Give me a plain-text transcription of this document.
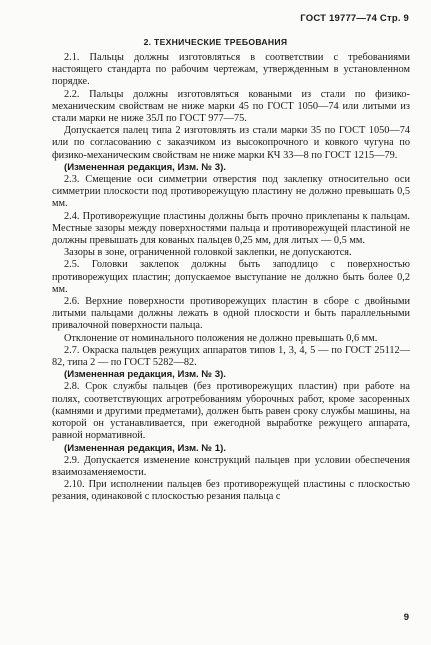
ГОСТ 19777—74 Стр. 9
2. ТЕХНИЧЕСКИЕ ТРЕБОВАНИЯ

2.1. Пальцы должны изготовляться в соответствии с требованиями настоящего стандарта по рабочим чертежам, утвержденным в установленном порядке.

2.2. Пальцы должны изготовляться коваными из стали по физико-механическим свойствам не ниже марки 45 по ГОСТ 1050—74 или литыми из стали марки не ниже 35Л по ГОСТ 977—75.

Допускается палец типа 2 изготовлять из стали марки 35 по ГОСТ 1050—74 или по согласованию с заказчиком из высокопрочного и ковкого чугуна по физико-механическим свойствам не ниже марки КЧ 33—8 по ГОСТ 1215—79.

(Измененная редакция, Изм. № 3).

2.3. Смещение оси симметрии отверстия под заклепку относительно оси симметрии плоскости под противорежущую пластину не должно превышать 0,5 мм.

2.4. Противорежущие пластины должны быть прочно приклепаны к пальцам. Местные зазоры между поверхностями пальца и противорежущей пластиной не должны превышать для кованых пальцев 0,25 мм, для литых — 0,5 мм.

Зазоры в зоне, ограниченной головкой заклепки, не допускаются.

2.5. Головки заклепок должны быть заподлицо с поверхностью противорежущих пластин; допускаемое выступание не должно быть более 0,2 мм.

2.6. Верхние поверхности противорежущих пластин в сборе с двойными литыми пальцами должны лежать в одной плоскости и быть параллельными привалочной поверхности пальца.

Отклонение от номинального положения не должно превышать 0,6 мм.

2.7. Окраска пальцев режущих аппаратов типов 1, 3, 4, 5 — по ГОСТ 25112—82, типа 2 — по ГОСТ 5282—82.

(Измененная редакция, Изм. № 3).

2.8. Срок службы пальцев (без противорежущих пластин) при работе на полях, соответствующих агротребованиям уборочных работ, кроме засоренных (камнями и другими предметами), должен быть равен сроку службы машины, на которой он устанавливается, при ежегодной выработке режущего аппарата, равной нормативной.

(Измененная редакция, Изм. № 1).

2.9. Допускается изменение конструкций пальцев при условии обеспечения взаимозаменяемости.

2.10. При исполнении пальцев без противорежущей пластины с плоскостью резания, одинаковой с плоскостью резания пальца с

9
